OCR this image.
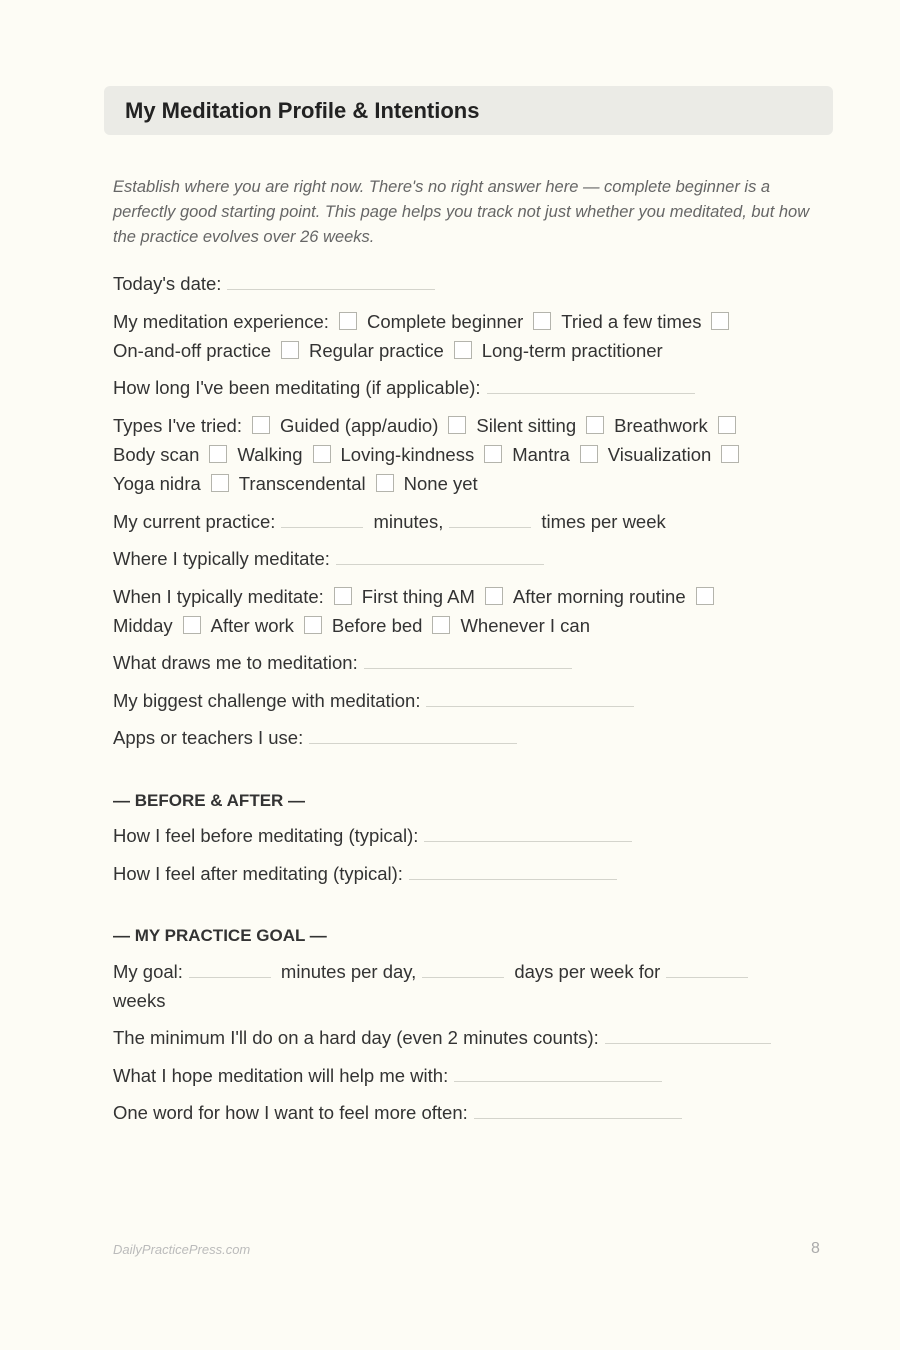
My Meditation Profile & Intentions

Establish where you are right now. There's no right answer here — complete beginner is a perfectly good starting point. This page helps you track not just whether you meditated, but how the practice evolves over 26 weeks.

Today's date:
My meditation experience: Complete beginner Tried a few times
On-and-off practice Regular practice Long-term practitioner
How long I've been meditating (if applicable):
Types I've tried: Guided (app/audio) Silent sitting Breathwork
Body scan Walking Loving-kindness Mantra Visualization
Yoga nidra Transcendental None yet
My current practice:	minutes,	times per week
Where I typically meditate:
When I typically meditate: First thing AM After morning routine
Midday After work Before bed Whenever I can
What draws me to meditation:
My biggest challenge with meditation:
Apps or teachers I use:
— BEFORE & AFTER —
How I feel before meditating (typical):
How I feel after meditating (typical):
— MY PRACTICE GOAL —
My goal:	minutes per day,	days per week for
weeks
The minimum I'll do on a hard day (even 2 minutes counts):
What I hope meditation will help me with:
One word for how I want to feel more often:
DailyPracticePress.com	8
